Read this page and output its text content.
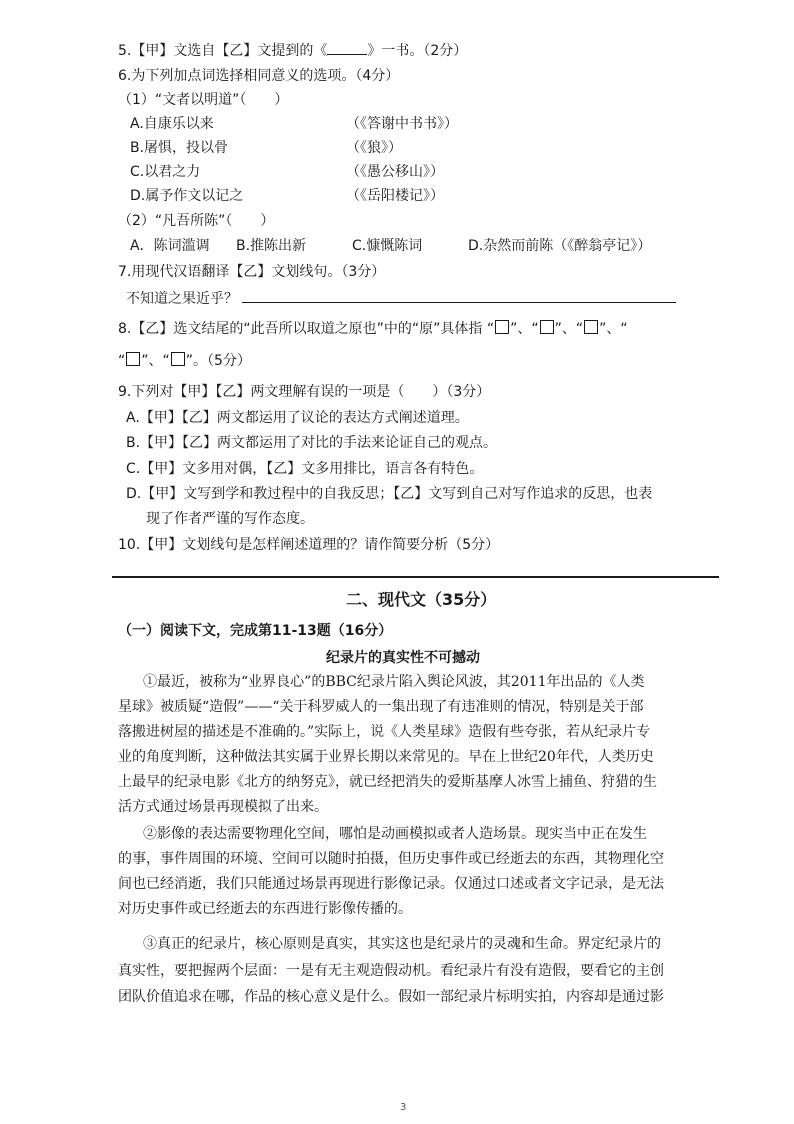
5.【甲】文选自【乙】文提到的《	》一书。（2分）
6.为下列加点词选择相同意义的选项。（4分）
（1）“文者以明道”（　　）
A.自康乐以来	（《答谢中书书》）
B.屠惧，投以骨	（《狼》）
C.以君之力	（《愚公移山》）
D.属予作文以记之	（《岳阳楼记》）
（2）“凡吾所陈”（　　）
A．陈词滥调 B.推陈出新	C.慷慨陈词	D.杂然而前陈（《醉翁亭记》）
7.用现代汉语翻译【乙】文划线句。（3分）
不知道之果近乎？
8.【乙】选文结尾的“此吾所以取道之原也”中的“原”具体指 “ ”、“ ”、“ ”、“
“ ”、“ ”。（5分）
9.下列对【甲】【乙】两文理解有误的一项是（　　）（3分）
A.【甲】【乙】两文都运用了议论的表达方式阐述道理。
B.【甲】【乙】两文都运用了对比的手法来论证自己的观点。
C.【甲】文多用对偶，【乙】文多用排比，语言各有特色。
D.【甲】文写到学和教过程中的自我反思；【乙】文写到自己对写作追求的反思，也表
现了作者严谨的写作态度。
10.【甲】文划线句是怎样阐述道理的？请作简要分析（5分）
二、现代文（35分）
（一）阅读下文，完成第11-13题（16分）
纪录片的真实性不可撼动
①最近，被称为“业界良心”的BBC纪录片陷入舆论风波，其2011年出品的《人类
星球》被质疑“造假”——“关于科罗威人的一集出现了有违准则的情况，特别是关于部
落搬进树屋的描述是不准确的。”实际上，说《人类星球》造假有些夸张，若从纪录片专
业的角度判断，这种做法其实属于业界长期以来常见的。早在上世纪20年代，人类历史
上最早的纪录电影《北方的纳努克》，就已经把消失的爱斯基摩人冰雪上捕鱼、狩猎的生
活方式通过场景再现模拟了出来。
②影像的表达需要物理化空间，哪怕是动画模拟或者人造场景。现实当中正在发生
的事，事件周围的环境、空间可以随时拍摄，但历史事件或已经逝去的东西，其物理化空
间也已经消逝，我们只能通过场景再现进行影像记录。仅通过口述或者文字记录，是无法
对历史事件或已经逝去的东西进行影像传播的。
③真正的纪录片，核心原则是真实，其实这也是纪录片的灵魂和生命。界定纪录片的
真实性，要把握两个层面：一是有无主观造假动机。看纪录片有没有造假，要看它的主创
团队价值追求在哪，作品的核心意义是什么。假如一部纪录片标明实拍，内容却是通过影
3
